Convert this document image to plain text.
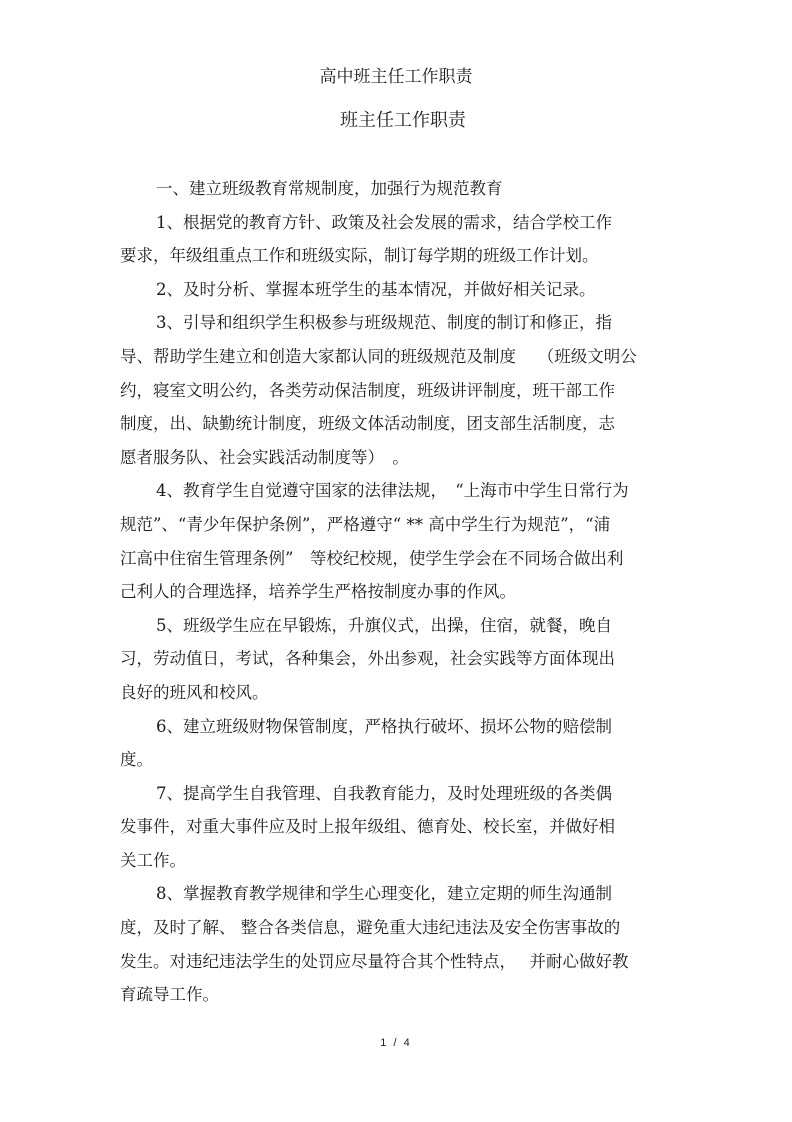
高中班主任工作职责
班主任工作职责
一、建立班级教育常规制度，加强行为规范教育
1、根据党的教育方针、政策及社会发展的需求，结合学校工作
要求，年级组重点工作和班级实际，制订每学期的班级工作计划。
2、及时分析、掌握本班学生的基本情况，并做好相关记录。
3、引导和组织学生积极参与班级规范、制度的制订和修正，指
导、帮助学生建立和创造大家都认同的班级规范及制度　 （班级文明公
约，寝室文明公约，各类劳动保洁制度，班级讲评制度，班干部工作
制度，出、缺勤统计制度，班级文体活动制度，团支部生活制度，志
愿者服务队、社会实践活动制度等）　。
4、教育学生自觉遵守国家的法律法规，　“上海市中学生日常行为
规范”、“青少年保护条例”，严格遵守“ ** 高中学生行为规范”，“浦
江高中住宿生管理条例”　等校纪校规，使学生学会在不同场合做出利
己利人的合理选择，培养学生严格按制度办事的作风。
5、班级学生应在早锻炼，升旗仪式，出操，住宿，就餐，晚自
习，劳动值日，考试，各种集会，外出参观，社会实践等方面体现出
良好的班风和校风。
6、建立班级财物保管制度，严格执行破坏、损坏公物的赔偿制
度。
7、提高学生自我管理、自我教育能力，及时处理班级的各类偶
发事件，对重大事件应及时上报年级组、德育处、校长室，并做好相
关工作。
8、掌握教育教学规律和学生心理变化，建立定期的师生沟通制
度，及时了解、 整合各类信息，避免重大违纪违法及安全伤害事故的
发生。对违纪违法学生的处罚应尽量符合其个性特点，　 并耐心做好教
育疏导工作。
1 / 4
